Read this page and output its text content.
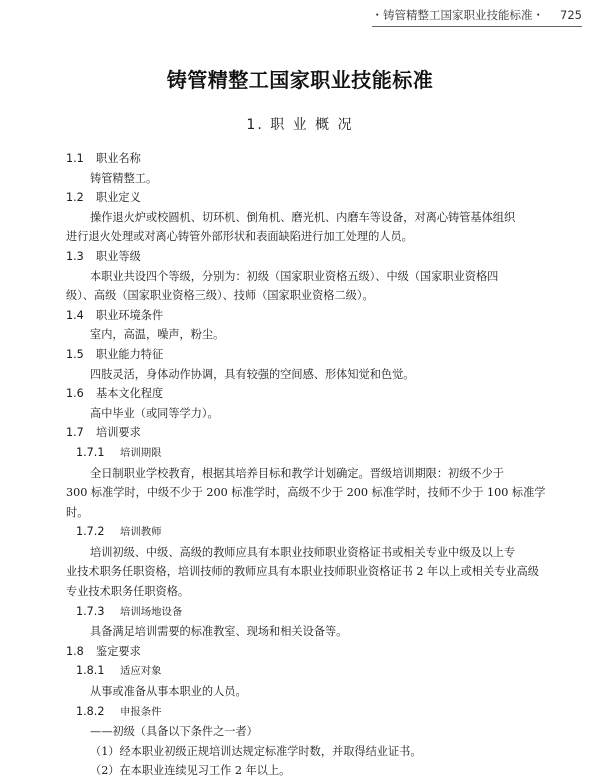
・铸管精整工国家职业技能标准・ 725
铸管精整工国家职业技能标准
1. 职 业 概 况
1.1 职业名称
铸管精整工。
1.2 职业定义
操作退火炉或校圆机、切环机、倒角机、磨光机、内磨车等设备，对离心铸管基体组织
进行退火处理或对离心铸管外部形状和表面缺陷进行加工处理的人员。
1.3 职业等级
本职业共设四个等级，分别为：初级（国家职业资格五级）、中级（国家职业资格四
级）、高级（国家职业资格三级）、技师（国家职业资格二级）。
1.4 职业环境条件
室内，高温，噪声，粉尘。
1.5 职业能力特征
四肢灵活，身体动作协调，具有较强的空间感、形体知觉和色觉。
1.6 基本文化程度
高中毕业（或同等学力）。
1.7 培训要求
1.7.1 培训期限
全日制职业学校教育，根据其培养目标和教学计划确定。晋级培训期限：初级不少于
300 标准学时，中级不少于 200 标准学时，高级不少于 200 标准学时，技师不少于 100 标准学
时。
1.7.2 培训教师
培训初级、中级、高级的教师应具有本职业技师职业资格证书或相关专业中级及以上专
业技术职务任职资格，培训技师的教师应具有本职业技师职业资格证书 2 年以上或相关专业高级
专业技术职务任职资格。
1.7.3 培训场地设备
具备满足培训需要的标准教室、现场和相关设备等。
1.8 鉴定要求
1.8.1 适应对象
从事或准备从事本职业的人员。
1.8.2 申报条件
——初级（具备以下条件之一者）
（1）经本职业初级正规培训达规定标准学时数，并取得结业证书。
（2）在本职业连续见习工作 2 年以上。
